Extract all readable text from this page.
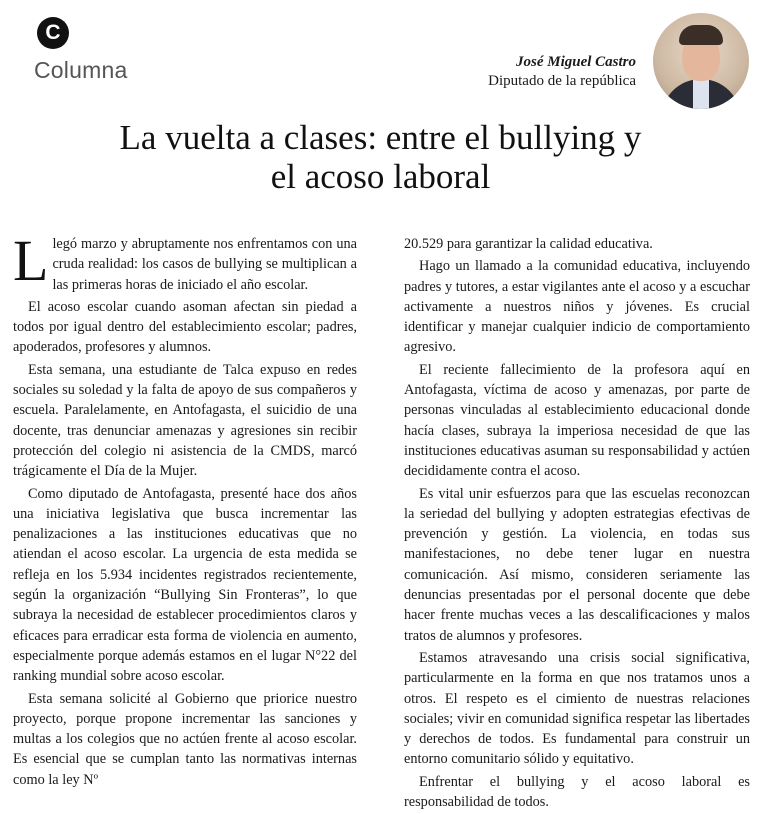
C
Columna	José Miguel Castro
Diputado de la república
La vuelta a clases: entre el bullying y
el acoso laboral

Llegó marzo y abruptamente nos enfrentamos con una cruda realidad: los casos de bullying se multiplican a las primeras horas de iniciado el año escolar.

El acoso escolar cuando asoman afectan sin piedad a todos por igual dentro del establecimiento escolar; padres, apoderados, profesores y alumnos.

Esta semana, una estudiante de Talca expuso en redes sociales su soledad y la falta de apoyo de sus compañeros y escuela. Paralelamente, en Antofagasta, el suicidio de una docente, tras denunciar amenazas y agresiones sin recibir protección del colegio ni asistencia de la CMDS, marcó trágicamente el Día de la Mujer.

Como diputado de Antofagasta, presenté hace dos años una iniciativa legislativa que busca incrementar las penalizaciones a las instituciones educativas que no atiendan el acoso escolar. La urgencia de esta medida se refleja en los 5.934 incidentes registrados recientemente, según la organización “Bullying Sin Fronteras”, lo que subraya la necesidad de establecer procedimientos claros y eficaces para erradicar esta forma de violencia en aumento, especialmente porque además estamos en el lugar N°22 del ranking mundial sobre acoso escolar.

Esta semana solicité al Gobierno que priorice nuestro proyecto, porque propone incrementar las sanciones y multas a los colegios que no actúen frente al acoso escolar. Es esencial que se cumplan tanto las normativas internas como la ley Nº

20.529 para garantizar la calidad educativa.

Hago un llamado a la comunidad educativa, incluyendo padres y tutores, a estar vigilantes ante el acoso y a escuchar activamente a nuestros niños y jóvenes. Es crucial identificar y manejar cualquier indicio de comportamiento agresivo.

El reciente fallecimiento de la profesora aquí en Antofagasta, víctima de acoso y amenazas, por parte de personas vinculadas al establecimiento educacional donde hacía clases, subraya la imperiosa necesidad de que las instituciones educativas asuman su responsabilidad y actúen decididamente contra el acoso.

Es vital unir esfuerzos para que las escuelas reconozcan la seriedad del bullying y adopten estrategias efectivas de prevención y gestión. La violencia, en todas sus manifestaciones, no debe tener lugar en nuestra comunicación. Así mismo, consideren seriamente las denuncias presentadas por el personal docente que debe hacer frente muchas veces a las descalificaciones y malos tratos de alumnos y profesores.

Estamos atravesando una crisis social significativa, particularmente en la forma en que nos tratamos unos a otros. El respeto es el cimiento de nuestras relaciones sociales; vivir en comunidad significa respetar las libertades y derechos de todos. Es fundamental para construir un entorno comunitario sólido y equitativo.

Enfrentar el bullying y el acoso laboral es responsabilidad de todos.
